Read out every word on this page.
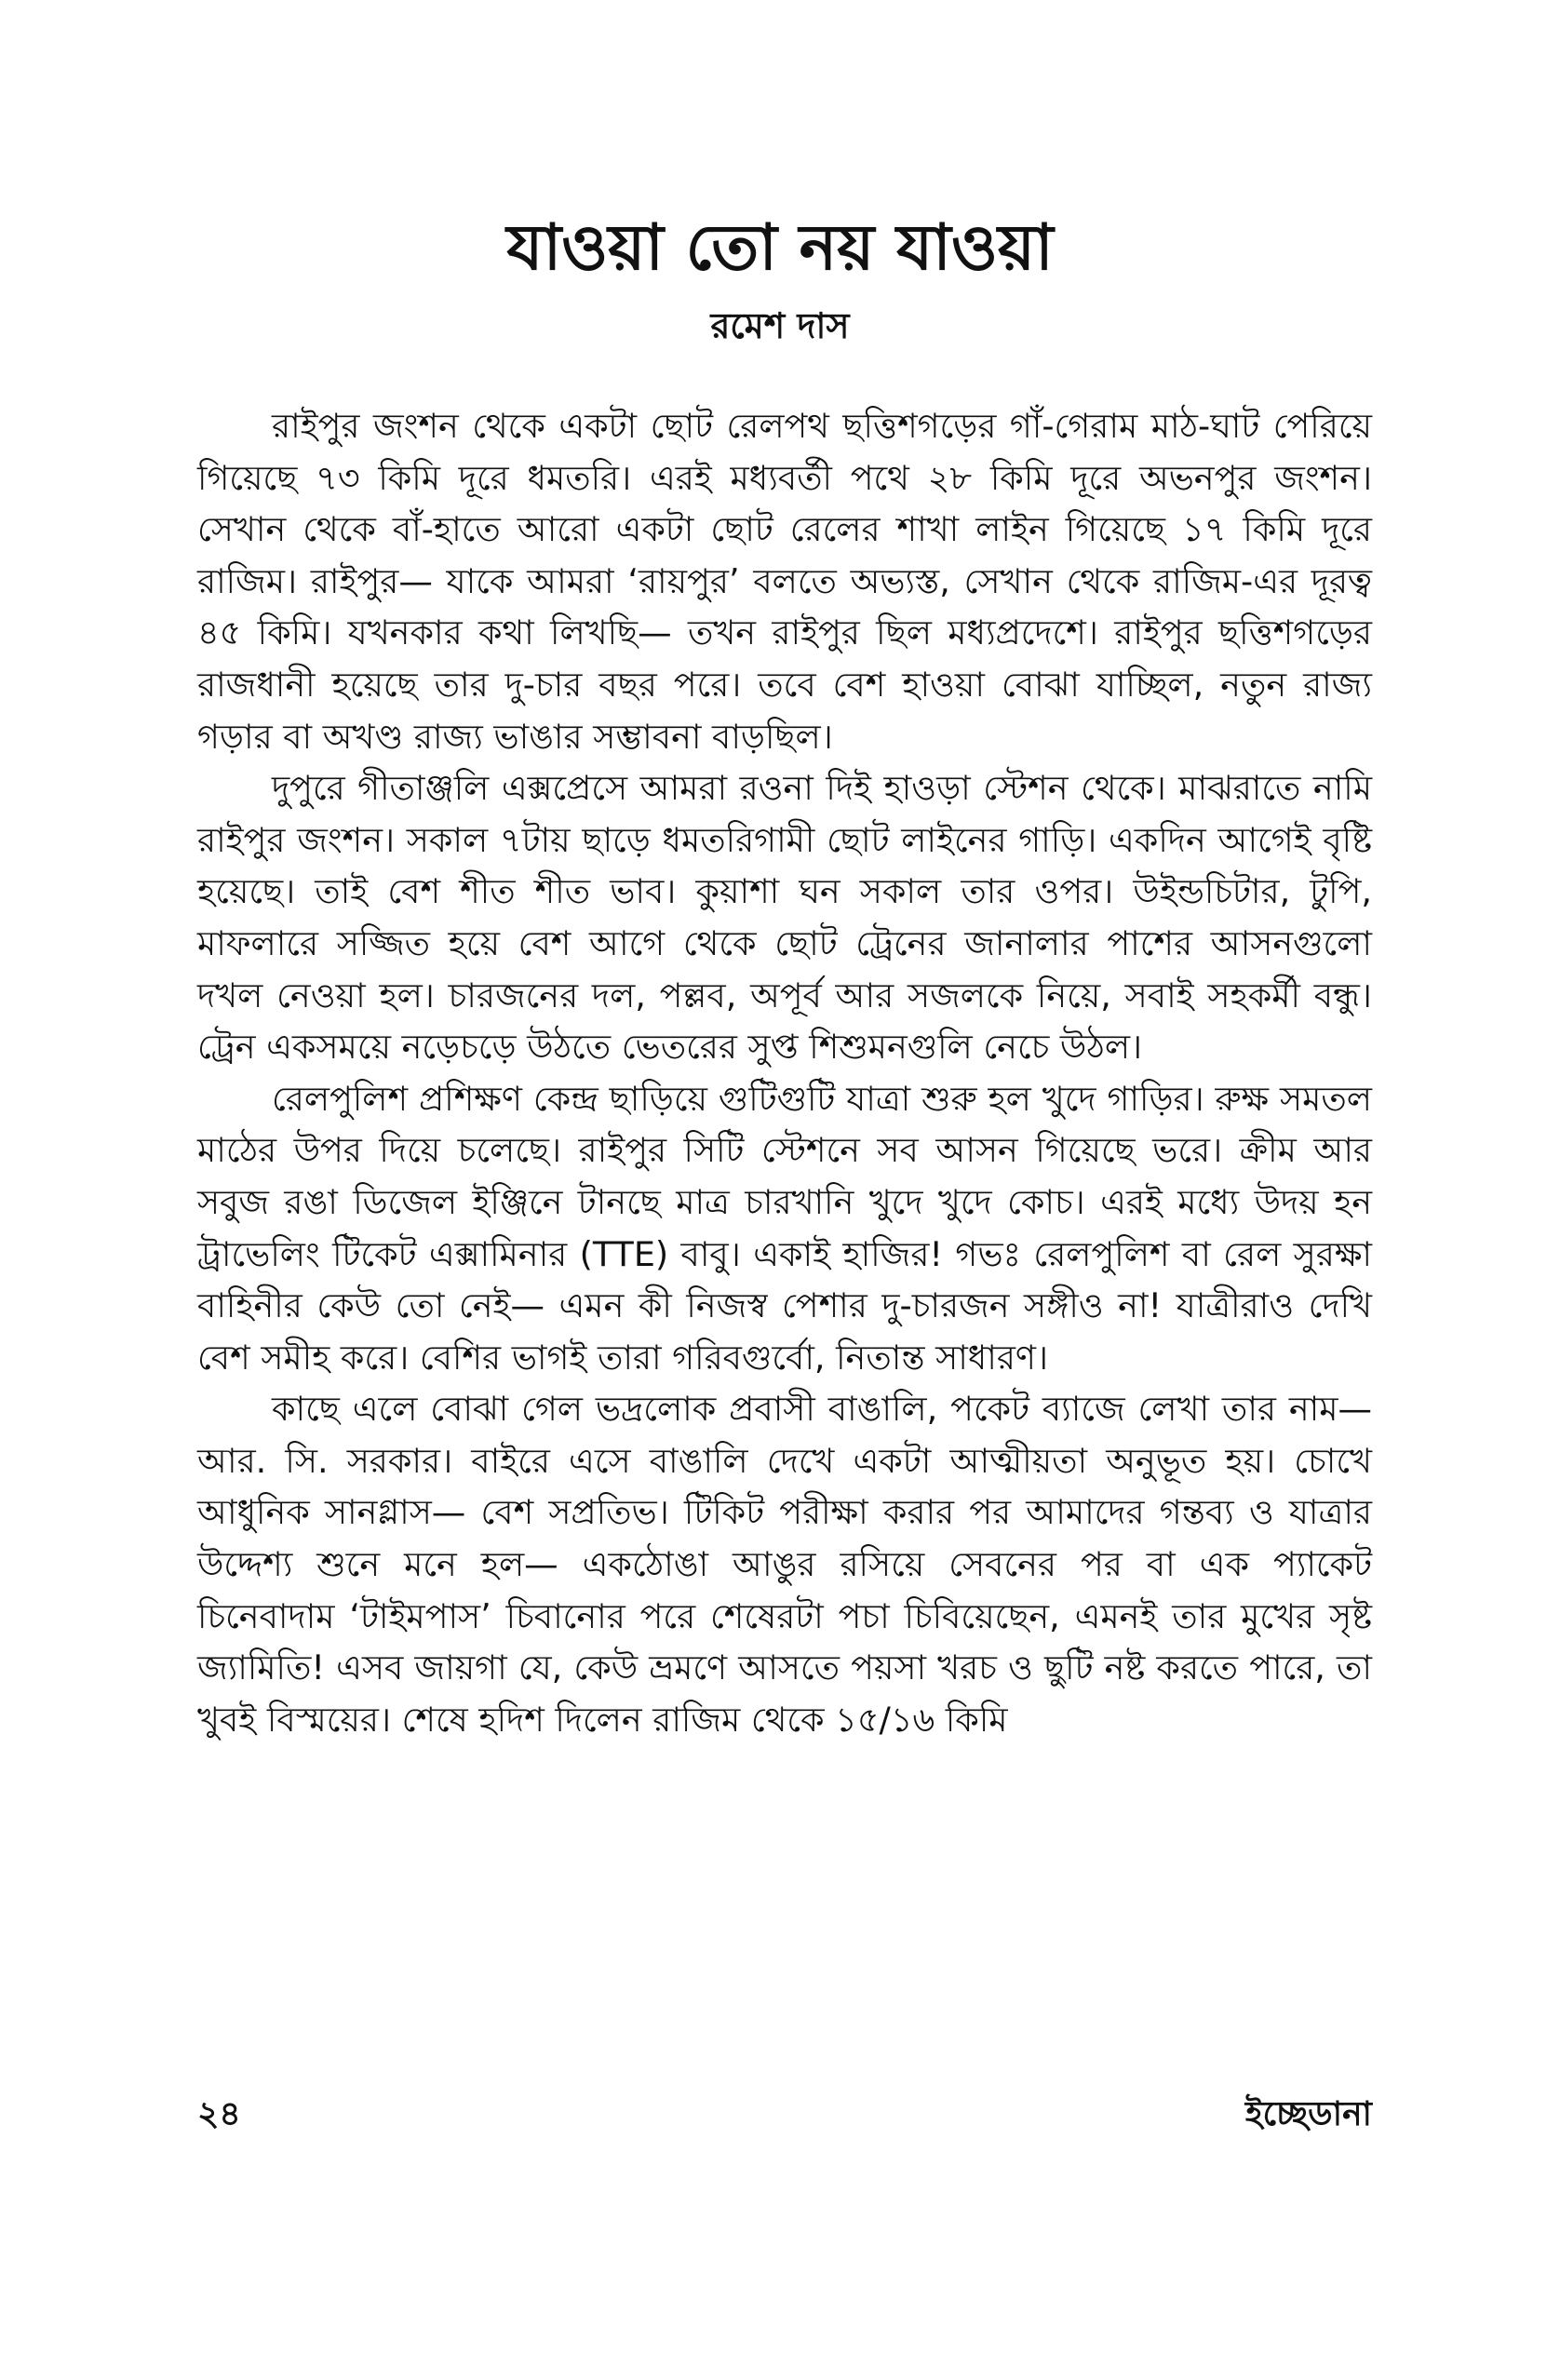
যাওয়া তো নয় যাওয়া
রমেশ দাস

রাইপুর জংশন থেকে একটা ছোট রেলপথ ছত্তিশগড়ের গাঁ-গেরাম মাঠ-ঘাট পেরিয়ে গিয়েছে ৭৩ কিমি দূরে ধমতরি। এরই মধ্যবর্তী পথে ২৮ কিমি দূরে অভনপুর জংশন। সেখান থেকে বাঁ-হাতে আরো একটা ছোট রেলের শাখা লাইন গিয়েছে ১৭ কিমি দূরে রাজিম। রাইপুর— যাকে আমরা ‘রায়পুর’ বলতে অভ্যস্ত, সেখান থেকে রাজিম-এর দূরত্ব ৪৫ কিমি। যখনকার কথা লিখছি— তখন রাইপুর ছিল মধ্যপ্রদেশে। রাইপুর ছত্তিশগড়ের রাজধানী হয়েছে তার দু-চার বছর পরে। তবে বেশ হাওয়া বোঝা যাচ্ছিল, নতুন রাজ্য গড়ার বা অখণ্ড রাজ্য ভাঙার সম্ভাবনা বাড়ছিল।

দুপুরে গীতাঞ্জলি এক্সপ্রেসে আমরা রওনা দিই হাওড়া স্টেশন থেকে। মাঝরাতে নামি রাইপুর জংশন। সকাল ৭টায় ছাড়ে ধমতরিগামী ছোট লাইনের গাড়ি। একদিন আগেই বৃষ্টি হয়েছে। তাই বেশ শীত শীত ভাব। কুয়াশা ঘন সকাল তার ওপর। উইন্ডচিটার, টুপি, মাফলারে সজ্জিত হয়ে বেশ আগে থেকে ছোট ট্রেনের জানালার পাশের আসনগুলো দখল নেওয়া হল। চারজনের দল, পল্লব, অপূর্ব আর সজলকে নিয়ে, সবাই সহকর্মী বন্ধু। ট্রেন একসময়ে নড়েচড়ে উঠতে ভেতরের সুপ্ত শিশুমনগুলি নেচে উঠল।

রেলপুলিশ প্রশিক্ষণ কেন্দ্র ছাড়িয়ে গুটিগুটি যাত্রা শুরু হল খুদে গাড়ির। রুক্ষ সমতল মাঠের উপর দিয়ে চলেছে। রাইপুর সিটি স্টেশনে সব আসন গিয়েছে ভরে। ক্রীম আর সবুজ রঙা ডিজেল ইঞ্জিনে টানছে মাত্র চারখানি খুদে খুদে কোচ। এরই মধ্যে উদয় হন ট্রাভেলিং টিকেট এক্সামিনার (TTE) বাবু। একাই হাজির! গভঃ রেলপুলিশ বা রেল সুরক্ষা বাহিনীর কেউ তো নেই— এমন কী নিজস্ব পেশার দু-চারজন সঙ্গীও না! যাত্রীরাও দেখি বেশ সমীহ করে। বেশির ভাগই তারা গরিবগুর্বো, নিতান্ত সাধারণ।

কাছে এলে বোঝা গেল ভদ্রলোক প্রবাসী বাঙালি, পকেট ব্যাজে লেখা তার নাম— আর. সি. সরকার। বাইরে এসে বাঙালি দেখে একটা আত্মীয়তা অনুভূত হয়। চোখে আধুনিক সানগ্লাস— বেশ সপ্রতিভ। টিকিট পরীক্ষা করার পর আমাদের গন্তব্য ও যাত্রার উদ্দেশ্য শুনে মনে হল— একঠোঙা আঙুর রসিয়ে সেবনের পর বা এক প্যাকেট চিনেবাদাম ‘টাইমপাস’ চিবানোর পরে শেষেরটা পচা চিবিয়েছেন, এমনই তার মুখের সৃষ্ট জ্যামিতি! এসব জায়গা যে, কেউ ভ্রমণে আসতে পয়সা খরচ ও ছুটি নষ্ট করতে পারে, তা খুবই বিস্ময়ের। শেষে হদিশ দিলেন রাজিম থেকে ১৫/১৬ কিমি

২৪	ইচ্ছেডানা
